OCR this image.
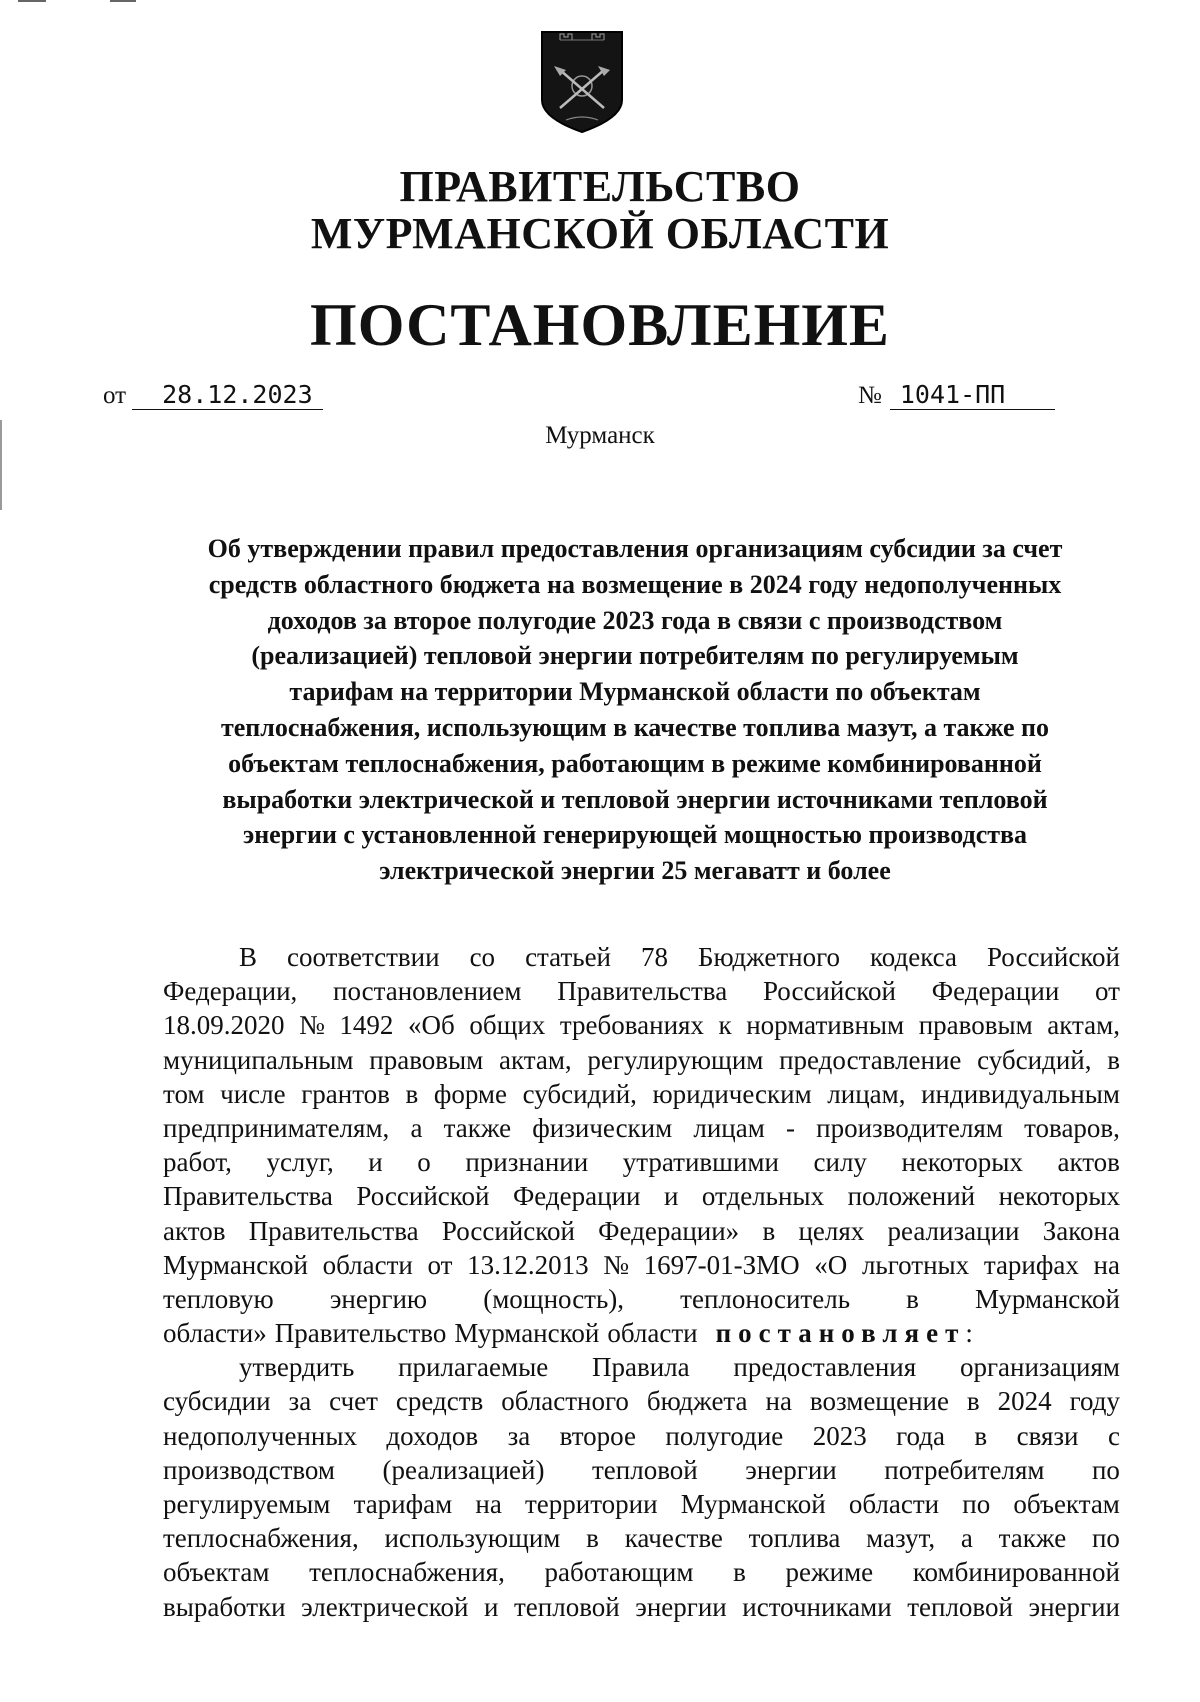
ПРАВИТЕЛЬСТВО
МУРМАНСКОЙ ОБЛАСТИ
ПОСТАНОВЛЕНИЕ
от 28.12.2023	№ 1041-ПП
Мурманск
Об утверждении правил предоставления организациям субсидии за счет
средств областного бюджета на возмещение в 2024 году недополученных
доходов за второе полугодие 2023 года в связи с производством
(реализацией) тепловой энергии потребителям по регулируемым
тарифам на территории Мурманской области по объектам
теплоснабжения, использующим в качестве топлива мазут, а также по
объектам теплоснабжения, работающим в режиме комбинированной
выработки электрической и тепловой энергии источниками тепловой
энергии с установленной генерирующей мощностью производства
электрической энергии 25 мегаватт и более
В соответствии со статьей 78 Бюджетного кодекса Российской
Федерации, постановлением Правительства Российской Федерации от
18.09.2020 № 1492 «Об общих требованиях к нормативным правовым актам,
муниципальным правовым актам, регулирующим предоставление субсидий, в
том числе грантов в форме субсидий, юридическим лицам, индивидуальным
предпринимателям, а также физическим лицам - производителям товаров,
работ, услуг, и о признании утратившими силу некоторых актов
Правительства Российской Федерации и отдельных положений некоторых
актов Правительства Российской Федерации» в целях реализации Закона
Мурманской области от 13.12.2013 № 1697-01-ЗМО «О льготных тарифах на
тепловую энергию (мощность), теплоноситель в Мурманской
области» Правительство Мурманской области постановляет :
утвердить прилагаемые Правила предоставления организациям
субсидии за счет средств областного бюджета на возмещение в 2024 году
недополученных доходов за второе полугодие 2023 года в связи с
производством (реализацией) тепловой энергии потребителям по
регулируемым тарифам на территории Мурманской области по объектам
теплоснабжения, использующим в качестве топлива мазут, а также по
объектам теплоснабжения, работающим в режиме комбинированной
выработки электрической и тепловой энергии источниками тепловой энергии
